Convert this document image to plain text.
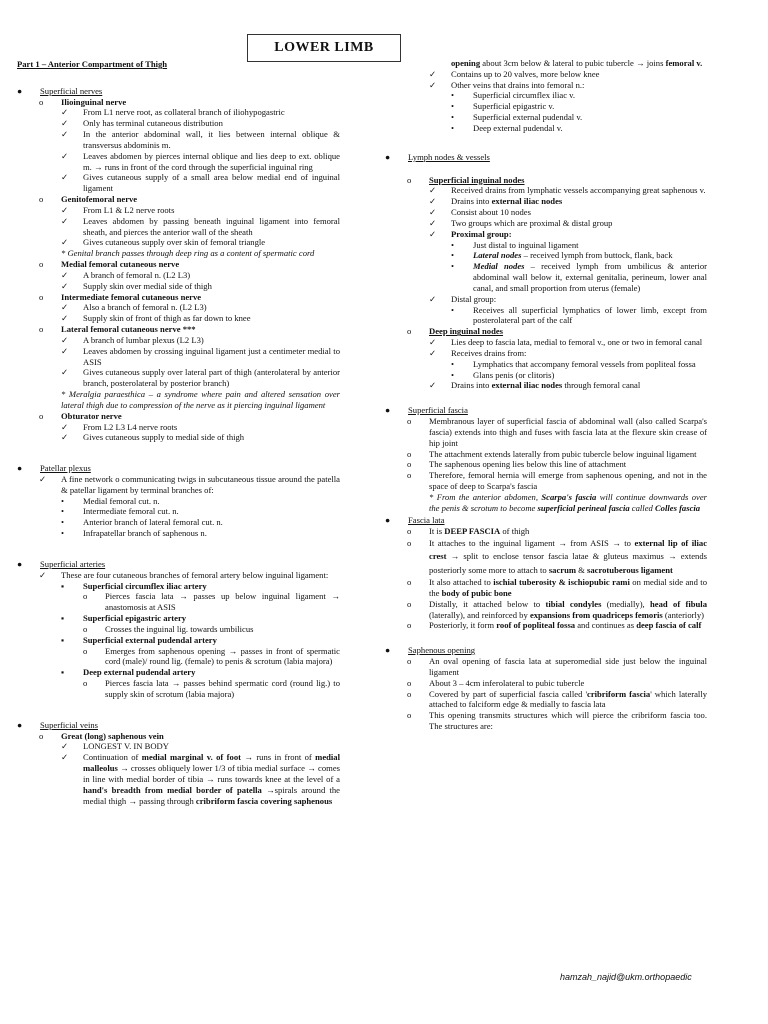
LOWER LIMB
Part 1 – Anterior Compartment of Thigh
●	Superficial nerves
o	Ilioinguinal nerve
✓	From L1 nerve root, as collateral branch of iliohypogastric
✓	Only has terminal cutaneous distribution
✓	In the anterior abdominal wall, it lies between internal oblique & transversus abdominis m.
✓	Leaves abdomen by pierces internal oblique and lies deep to ext. oblique m. → runs in front of the cord through the superficial inguinal ring
✓	Gives cutaneous supply of a small area below medial end of inguinal ligament
o	Genitofemoral nerve
✓	From L1 & L2 nerve roots
✓	Leaves abdomen by passing beneath inguinal ligament into femoral sheath, and pierces the anterior wall of the sheath
✓	Gives cutaneous supply over skin of femoral triangle
* Genital branch passes through deep ring as a content of spermatic cord
o	Medial femoral cutaneous nerve
✓	A branch of femoral n. (L2 L3)
✓	Supply skin over medial side of thigh
o	Intermediate femoral cutaneous nerve
✓	Also a branch of femoral n. (L2 L3)
✓	Supply skin of front of thigh as far down to knee
o	Lateral femoral cutaneous nerve ***
✓	A branch of lumbar plexus (L2 L3)
✓	Leaves abdomen by crossing inguinal ligament just a centimeter medial to ASIS
✓	Gives cutaneous supply over lateral part of thigh (anterolateral by anterior branch, posterolateral by posterior branch)
* Meralgia paraesthica – a syndrome where pain and altered sensation over lateral thigh due to compression of the nerve as it piercing inguinal ligament
o	Obturator nerve
✓	From L2 L3 L4 nerve roots
✓	Gives cutaneous supply to medial side of thigh
●	Patellar plexus
✓	A fine network o communicating twigs in subcutaneous tissue around the patella & patellar ligament by terminal branches of:
•	Medial femoral cut. n.
•	Intermediate femoral cut. n.
•	Anterior branch of lateral femoral cut. n.
•	Infrapatellar branch of saphenous n.
●	Superficial arteries
✓	These are four cutaneous branches of femoral artery below inguinal ligament:
▪	Superficial circumflex iliac artery
o	Pierces fascia lata → passes up below inguinal ligament → anastomosis at ASIS
▪	Superficial epigastric artery
o	Crosses the inguinal lig. towards umbilicus
▪	Superficial external pudendal artery
o	Emerges from saphenous opening → passes in front of spermatic cord (male)/ round lig. (female) to penis & scrotum (labia majora)
▪	Deep external pudendal artery
o	Pierces fascia lata → passes behind spermatic cord (round lig.) to supply skin of scrotum (labia majora)
●	Superficial veins
o	Great (long) saphenous vein
✓	LONGEST V. IN BODY
✓	Continuation of medial marginal v. of foot → runs in front of medial malleolus → crosses obliquely lower 1/3 of tibia medial surface → comes in line with medial border of tibia → runs towards knee at the level of a hand's breadth from medial border of patella →spirals around the medial thigh → passing through cribriform fascia covering saphenous
opening about 3cm below & lateral to pubic tubercle → joins femoral v.
✓	Contains up to 20 valves, more below knee
✓	Other veins that drains into femoral n.:
•	Superficial circumflex iliac v.
•	Superficial epigastric v.
•	Superficial external pudendal v.
•	Deep external pudendal v.
●	Lymph nodes & vessels
o	Superficial inguinal nodes
✓	Received drains from lymphatic vessels accompanying great saphenous v.
✓	Drains into external iliac nodes
✓	Consist about 10 nodes
✓	Two groups which are proximal & distal group
✓	Proximal group:
•	Just distal to inguinal ligament
•	Lateral nodes – received lymph from buttock, flank, back
•	Medial nodes – received lymph from umbilicus & anterior abdominal wall below it, external genitalia, perineum, lower anal canal, and small proportion from uterus (female)
✓	Distal group:
•	Receives all superficial lymphatics of lower limb, except from posterolateral part of the calf
o	Deep inguinal nodes
✓	Lies deep to fascia lata, medial to femoral v., one or two in femoral canal
✓	Receives drains from:
•	Lymphatics that accompany femoral vessels from popliteal fossa
•	Glans penis (or clitoris)
✓	Drains into external iliac nodes through femoral canal
●	Superficial fascia
o	Membranous layer of superficial fascia of abdominal wall (also called Scarpa's fascia) extends into thigh and fuses with fascia lata at the flexure skin crease of hip joint
o	The attachment extends laterally from pubic tubercle below inguinal ligament
o	The saphenous opening lies below this line of attachment
o	Therefore, femoral hernia will emerge from saphenous opening, and not in the space of deep to Scarpa's fascia
* From the anterior abdomen, Scarpa's fascia will continue downwards over the penis & scrotum to become superficial perineal fascia called Colles fascia
●	Fascia lata
o	It is DEEP FASCIA of thigh
o	It attaches to the inguinal ligament → from ASIS → to external lip of iliac crest → split to enclose tensor fascia latae & gluteus maximus → extends posteriorly some more to attach to sacrum & sacrotuberous ligament
o	It also attached to ischial tuberosity & ischiopubic rami on medial side and to the body of pubic bone
o	Distally, it attached below to tibial condyles (medially), head of fibula (laterally), and reinforced by expansions from quadriceps femoris (anteriorly)
o	Posteriorly, it form roof of popliteal fossa and continues as deep fascia of calf
●	Saphenous opening
o	An oval opening of fascia lata at superomedial side just below the inguinal ligament
o	About 3 – 4cm inferolateral to pubic tubercle
o	Covered by part of superficial fascia called 'cribriform fascia' which laterally attached to falciform edge & medially to fascia lata
o	This opening transmits structures which will pierce the cribriform fascia too. The structures are:
hamzah_najid@ukm.orthopaedic
